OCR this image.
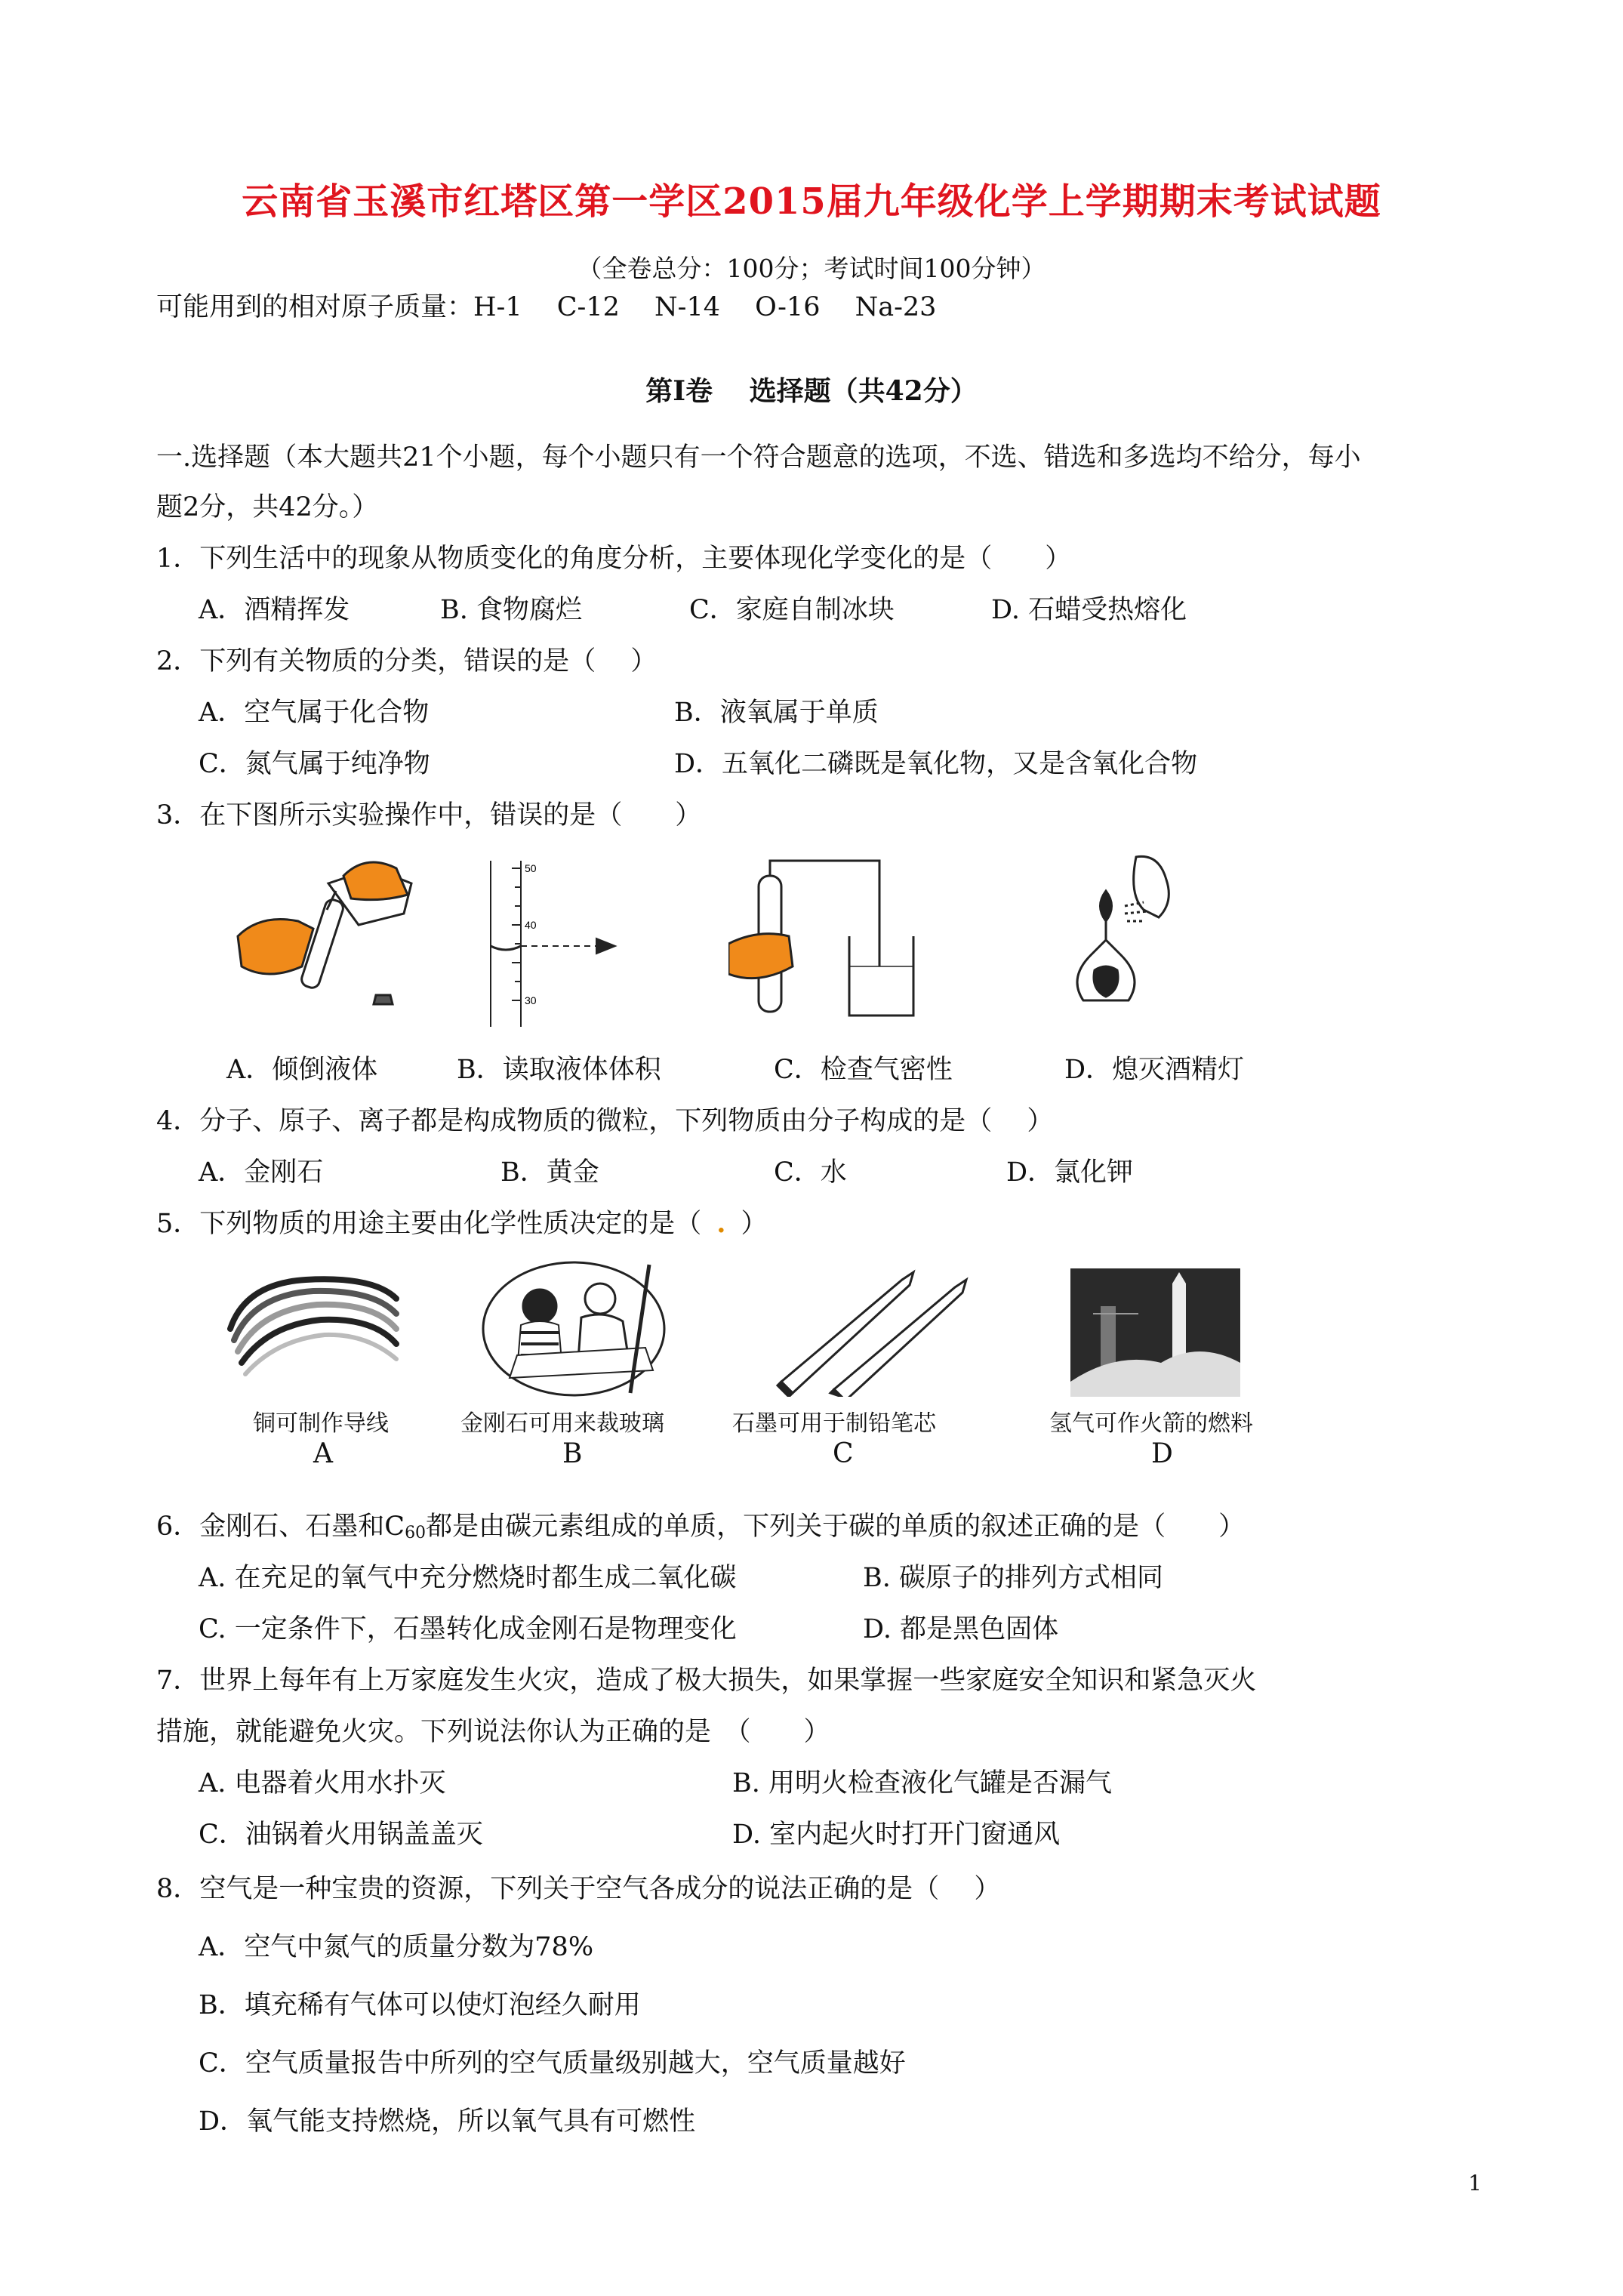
云南省玉溪市红塔区第一学区2015届九年级化学上学期期末考试试题
（全卷总分：100分；考试时间100分钟）
可能用到的相对原子质量：H-1　 C-12　 N-14　 O-16　 Na-23
第Ⅰ卷　 选择题（共42分）
一.选择题（本大题共21个小题，每个小题只有一个符合题意的选项，不选、错选和多选均不给分，每小
题2分，共42分。）
1．下列生活中的现象从物质变化的角度分析，主要体现化学变化的是（　　）
A．酒精挥发	B. 食物腐烂	C．家庭自制冰块	D. 石蜡受热熔化
2．下列有关物质的分类，错误的是（　 ）
A．空气属于化合物	B．液氧属于单质
C．氮气属于纯净物	D．五氧化二磷既是氧化物，又是含氧化合物
3．在下图所示实验操作中，错误的是（　　）
50
40
30
A．倾倒液体	B．读取液体体积	C．检查气密性	D．熄灭酒精灯
4．分子、原子、离子都是构成物质的微粒，下列物质由分子构成的是（　 ）
A．金刚石	B．黄金	C．水	D．氯化钾
5．下列物质的用途主要由化学性质决定的是（ . ）
铜可制作导线	金刚石可用来裁玻璃	石墨可用于制铅笔芯	氢气可作火箭的燃料
A	B	C	D
6．金刚石、石墨和$C_{60}$都是由碳元素组成的单质，下列关于碳的单质的叙述正确的是（　　）
A. 在充足的氧气中充分燃烧时都生成二氧化碳	B. 碳原子的排列方式相同
C. 一定条件下，石墨转化成金刚石是物理变化	D. 都是黑色固体
7．世界上每年有上万家庭发生火灾，造成了极大损失，如果掌握一些家庭安全知识和紧急灭火
措施，就能避免火灾。下列说法你认为正确的是　（　　）
A. 电器着火用水扑灭	B. 用明火检查液化气罐是否漏气
C．油锅着火用锅盖盖灭	D. 室内起火时打开门窗通风
8．空气是一种宝贵的资源，下列关于空气各成分的说法正确的是（　 ）
A．空气中氮气的质量分数为78%
B．填充稀有气体可以使灯泡经久耐用
C．空气质量报告中所列的空气质量级别越大，空气质量越好
D．氧气能支持燃烧，所以氧气具有可燃性
1
